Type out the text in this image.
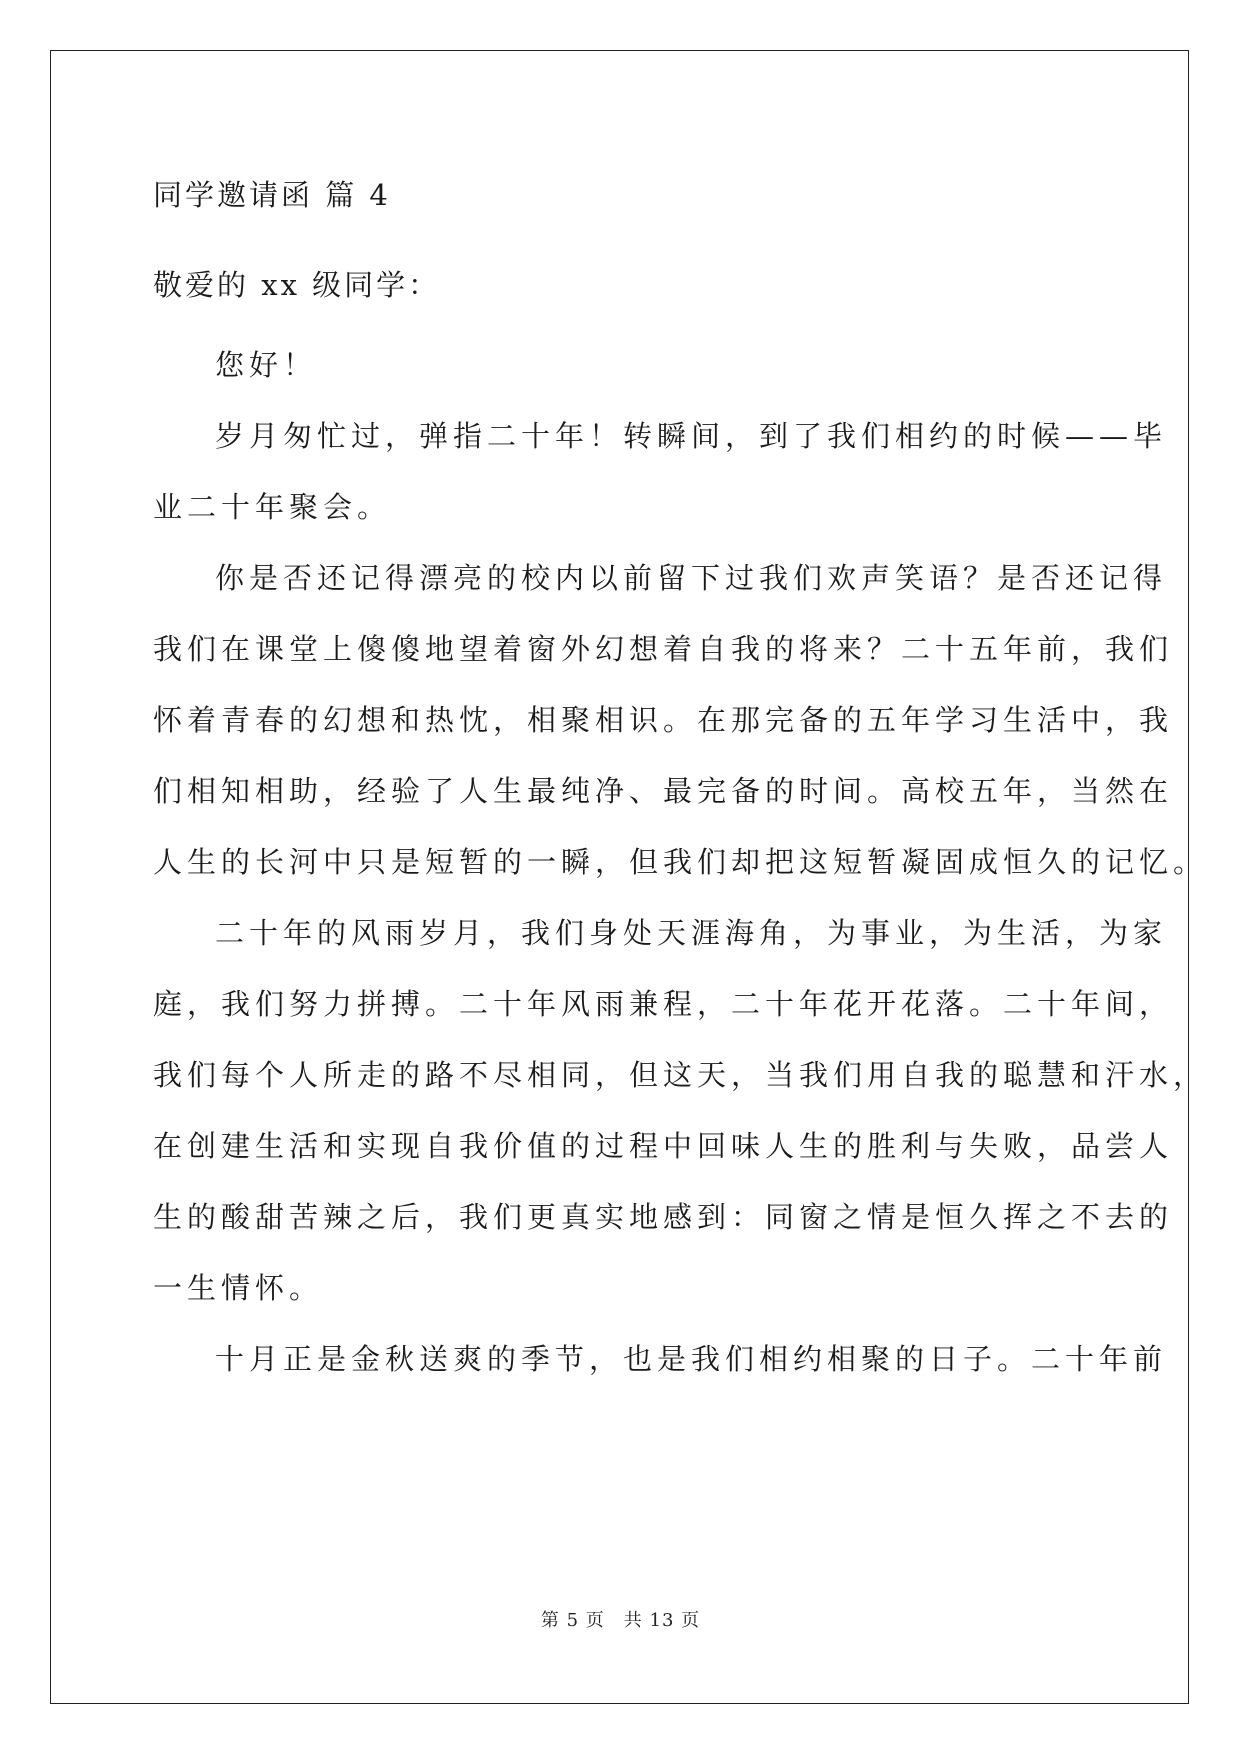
同学邀请函 篇 4
敬爱的 xx 级同学：
您好！
岁月匆忙过，弹指二十年！转瞬间，到了我们相约的时候——毕
业二十年聚会。
你是否还记得漂亮的校内以前留下过我们欢声笑语？是否还记得
我们在课堂上傻傻地望着窗外幻想着自我的将来？二十五年前，我们
怀着青春的幻想和热忱，相聚相识。在那完备的五年学习生活中，我
们相知相助，经验了人生最纯净、最完备的时间。高校五年，当然在
人生的长河中只是短暂的一瞬，但我们却把这短暂凝固成恒久的记忆。
二十年的风雨岁月，我们身处天涯海角，为事业，为生活，为家
庭，我们努力拼搏。二十年风雨兼程，二十年花开花落。二十年间，
我们每个人所走的路不尽相同，但这天，当我们用自我的聪慧和汗水，
在创建生活和实现自我价值的过程中回味人生的胜利与失败，品尝人
生的酸甜苦辣之后，我们更真实地感到：同窗之情是恒久挥之不去的
一生情怀。
十月正是金秋送爽的季节，也是我们相约相聚的日子。二十年前
第 5 页　共 13 页
